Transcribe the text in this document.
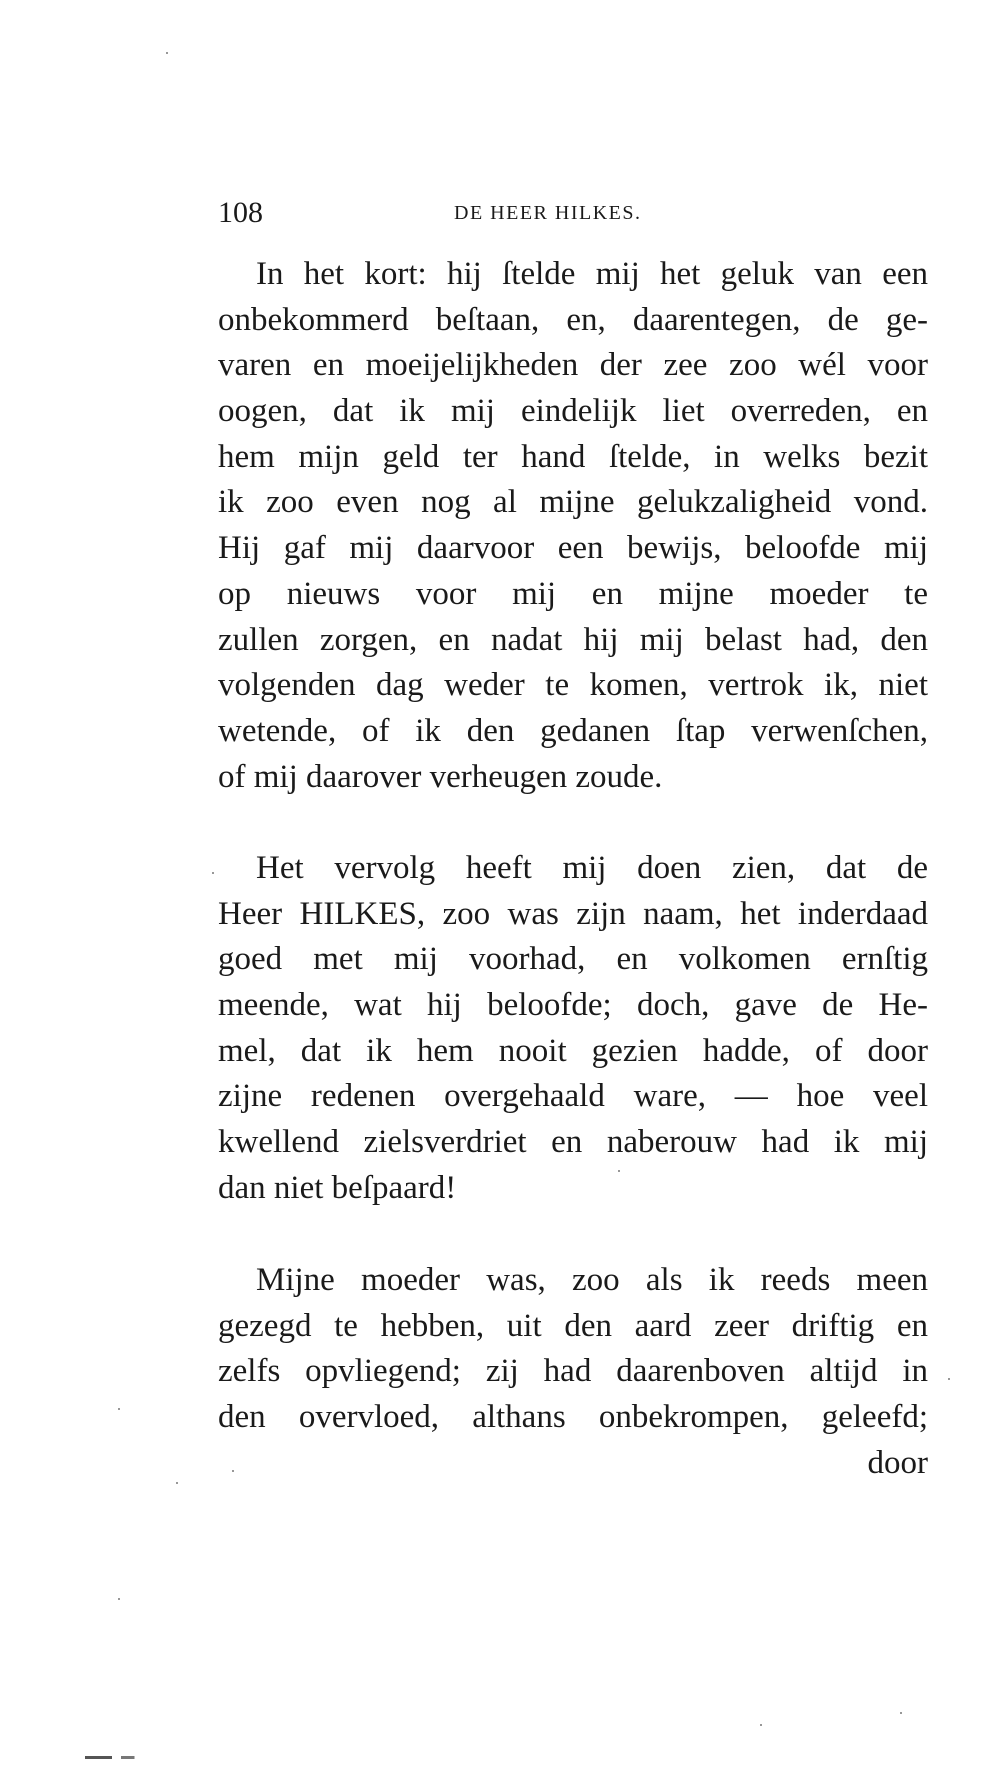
108	DE HEER HILKES.
In het kort: hij ſtelde mij het geluk van een
onbekommerd beſtaan, en, daarentegen, de ge-
varen en moeijelijkheden der zee zoo wél voor
oogen, dat ik mij eindelijk liet overreden, en
hem mijn geld ter hand ſtelde, in welks bezit
ik zoo even nog al mijne gelukzaligheid vond.
Hij gaf mij daarvoor een bewijs, beloofde mij
op nieuws voor mij en mijne moeder te
zullen zorgen, en nadat hij mij belast had, den
volgenden dag weder te komen, vertrok ik, niet
wetende, of ik den gedanen ſtap verwenſchen,
of mij daarover verheugen zoude.
Het vervolg heeft mij doen zien, dat de
Heer HILKES, zoo was zijn naam, het inderdaad
goed met mij voorhad, en volkomen ernſtig
meende, wat hij beloofde; doch, gave de He-
mel, dat ik hem nooit gezien hadde, of door
zijne redenen overgehaald ware, — hoe veel
kwellend zielsverdriet en naberouw had ik mij
dan niet beſpaard!
Mijne moeder was, zoo als ik reeds meen
gezegd te hebben, uit den aard zeer driftig en
zelfs opvliegend; zij had daarenboven altijd in
den overvloed, althans onbekrompen, geleefd;
door
